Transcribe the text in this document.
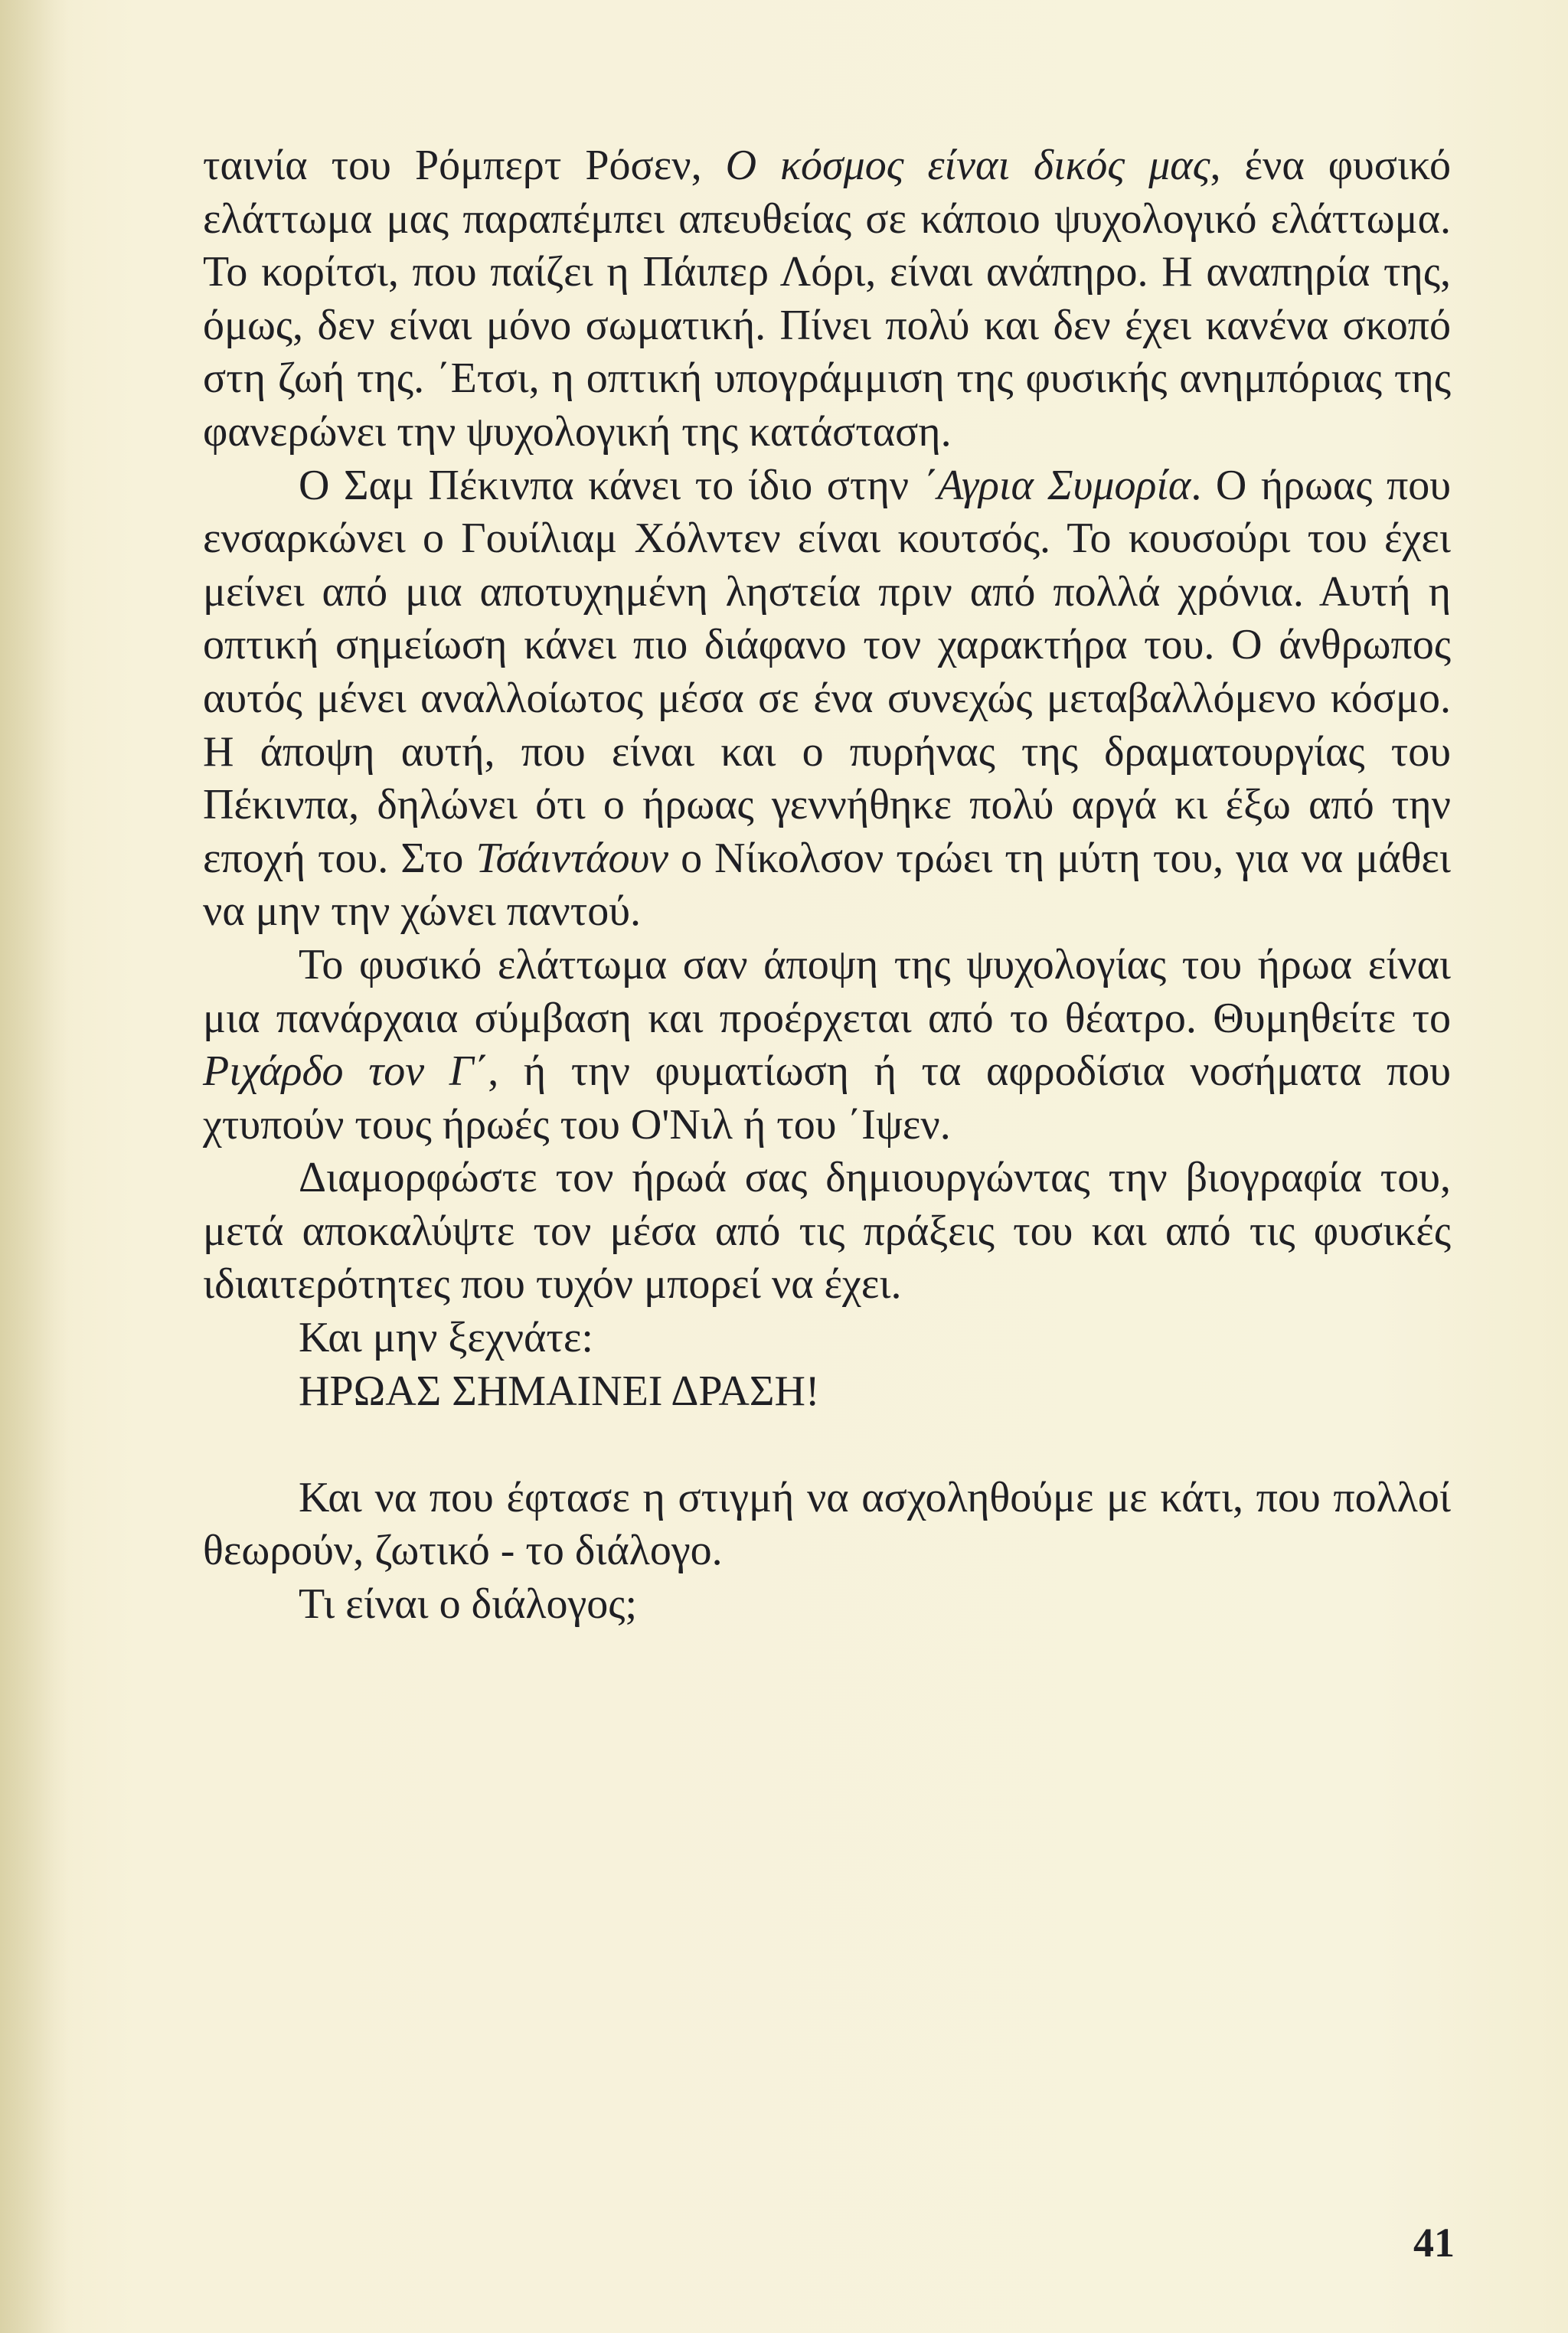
ταινία του Ρόμπερτ Ρόσεν, Ο κόσμος είναι δικός μας, ένα φυσικό ελάττωμα μας παραπέμπει απευθείας σε κάποιο ψυχολογικό ελάττωμα. Το κορίτσι, που παίζει η Πάιπερ Λόρι, είναι ανάπηρο. Η αναπηρία της, όμως, δεν είναι μόνο σωματική. Πίνει πολύ και δεν έχει κανένα σκοπό στη ζωή της. ΄Ετσι, η οπτική υπογράμμιση της φυσικής ανημπόριας της φανερώνει την ψυχολογική της κατάσταση.

Ο Σαμ Πέκινπα κάνει το ίδιο στην ΄Αγρια Συμορία. Ο ήρωας που ενσαρκώνει ο Γουίλιαμ Χόλντεν είναι κουτσός. Το κουσούρι του έχει μείνει από μια αποτυχημένη ληστεία πριν από πολλά χρόνια. Αυτή η οπτική σημείωση κάνει πιο διάφανο τον χαρακτήρα του. Ο άνθρωπος αυτός μένει αναλλοίωτος μέσα σε ένα συνεχώς μεταβαλλόμενο κόσμο. Η άποψη αυτή, που είναι και ο πυρήνας της δραματουργίας του Πέκινπα, δηλώνει ότι ο ήρωας γεννήθηκε πολύ αργά κι έξω από την εποχή του. Στο Τσάιντάουν ο Νίκολσον τρώει τη μύτη του, για να μάθει να μην την χώνει παντού.

Το φυσικό ελάττωμα σαν άποψη της ψυχολογίας του ήρωα είναι μια πανάρχαια σύμβαση και προέρχεται από το θέατρο. Θυμηθείτε το Ριχάρδο τον Γ΄, ή την φυματίωση ή τα αφροδίσια νοσήματα που χτυπούν τους ήρωές του Ο'Νιλ ή του ΄Ιψεν.

Διαμορφώστε τον ήρωά σας δημιουργώντας την βιογραφία του, μετά αποκαλύψτε τον μέσα από τις πράξεις του και από τις φυσικές ιδιαιτερότητες που τυχόν μπορεί να έχει.

Και μην ξεχνάτε:

ΗΡΩΑΣ ΣΗΜΑΙΝΕΙ ΔΡΑΣΗ!

Και να που έφτασε η στιγμή να ασχοληθούμε με κάτι, που πολλοί θεωρούν, ζωτικό - το διάλογο.

Τι είναι ο διάλογος;

41
